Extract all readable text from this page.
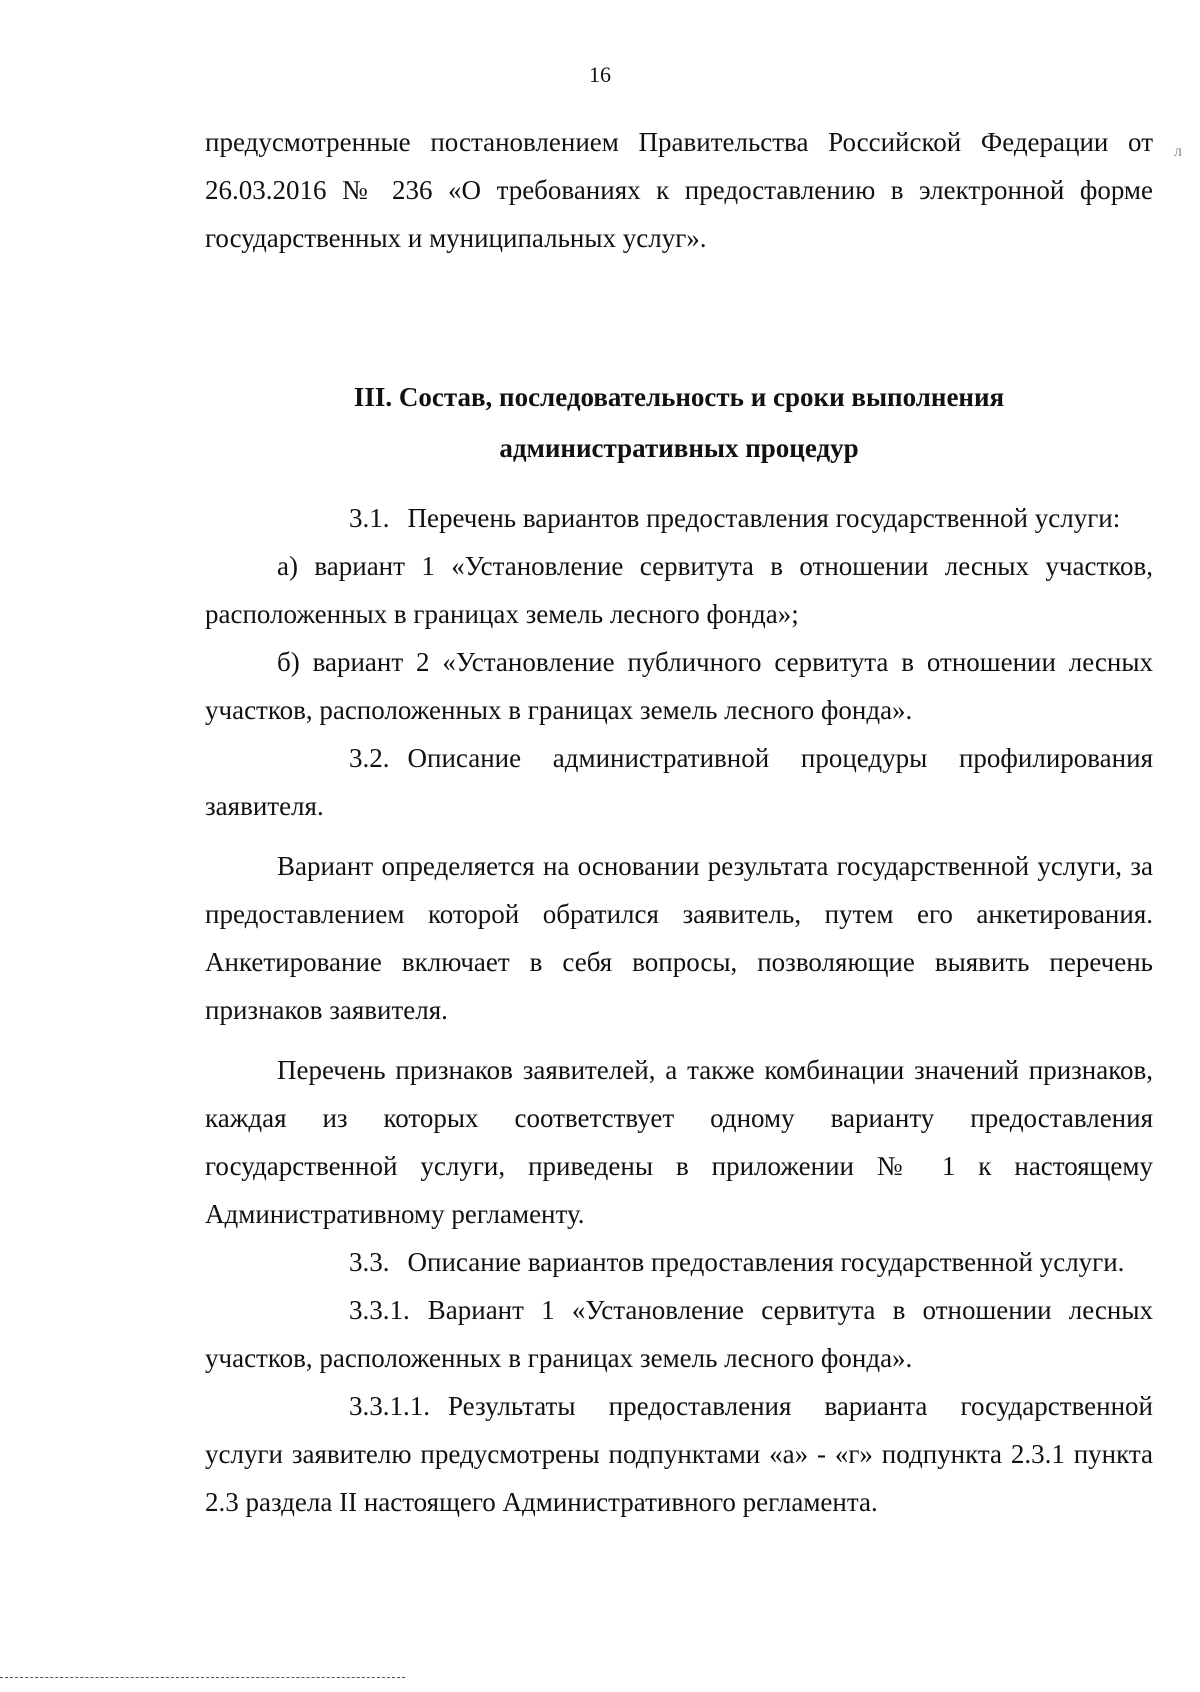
16
л

предусмотренные постановлением Правительства Российской Федерации от 26.03.2016 № 236 «О требованиях к предоставлению в электронной форме государственных и муниципальных услуг».

III. Состав, последовательность и сроки выполнения
административных процедур

3.1. Перечень вариантов предоставления государственной услуги:

а) вариант 1 «Установление сервитута в отношении лесных участков, расположенных в границах земель лесного фонда»;

б) вариант 2 «Установление публичного сервитута в отношении лесных участков, расположенных в границах земель лесного фонда».

3.2. Описание административной процедуры профилирования заявителя.

Вариант определяется на основании результата государственной услуги, за предоставлением которой обратился заявитель, путем его анкетирования. Анкетирование включает в себя вопросы, позволяющие выявить перечень признаков заявителя.

Перечень признаков заявителей, а также комбинации значений признаков, каждая из которых соответствует одному варианту предоставления государственной услуги, приведены в приложении № 1 к настоящему Административному регламенту.

3.3. Описание вариантов предоставления государственной услуги.

3.3.1. Вариант 1 «Установление сервитута в отношении лесных участков, расположенных в границах земель лесного фонда».

3.3.1.1. Результаты предоставления варианта государственной услуги заявителю предусмотрены подпунктами «а» - «г» подпункта 2.3.1 пункта 2.3 раздела II настоящего Административного регламента.
